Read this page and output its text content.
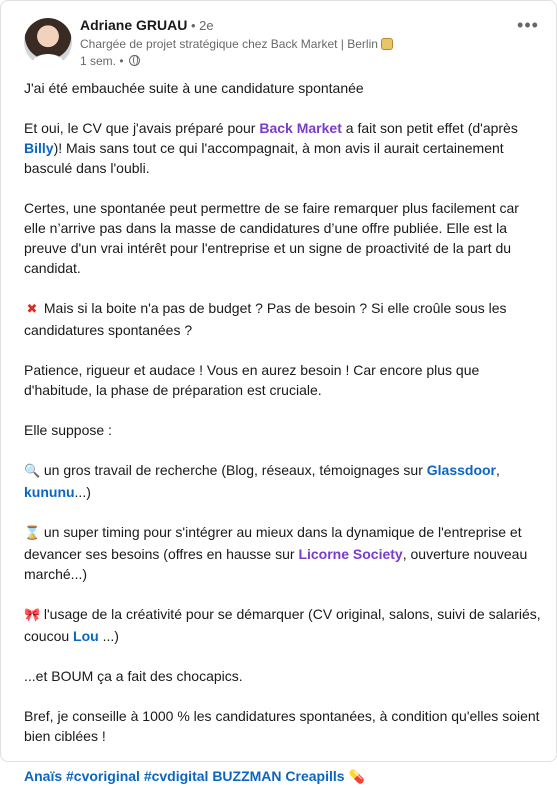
Adriane GRUAU • 2e
Chargée de projet stratégique chez Back Market | Berlin
1 sem. •
•••

J'ai été embauchée suite à une candidature spontanée

Et oui, le CV que j'avais préparé pour Back Market a fait son petit effet (d'après Billy)! Mais sans tout ce qui l'accompagnait, à mon avis il aurait certainement basculé dans l'oubli.

Certes, une spontanée peut permettre de se faire remarquer plus facilement car elle n’arrive pas dans la masse de candidatures d’une offre publiée. Elle est la preuve d'un vrai intérêt pour l'entreprise et un signe de proactivité de la part du candidat.

✖ Mais si la boite n'a pas de budget ? Pas de besoin ? Si elle croûle sous les candidatures spontanées ?

Patience, rigueur et audace ! Vous en aurez besoin ! Car encore plus que d'habitude, la phase de préparation est cruciale.

Elle suppose :

🔍 un gros travail de recherche (Blog, réseaux, témoignages sur Glassdoor, kununu...)

⌛ un super timing pour s'intégrer au mieux dans la dynamique de l'entreprise et devancer ses besoins (offres en hausse sur Licorne Society, ouverture nouveau marché...)

🎀 l'usage de la créativité pour se démarquer (CV original, salons, suivi de salariés, coucou Lou ...)

...et BOUM ça a fait des chocapics.

Bref, je conseille à 1000 % les candidatures spontanées, à condition qu'elles soient bien ciblées !

Anaïs #cvoriginal #cvdigital BUZZMAN Creapills 💊
